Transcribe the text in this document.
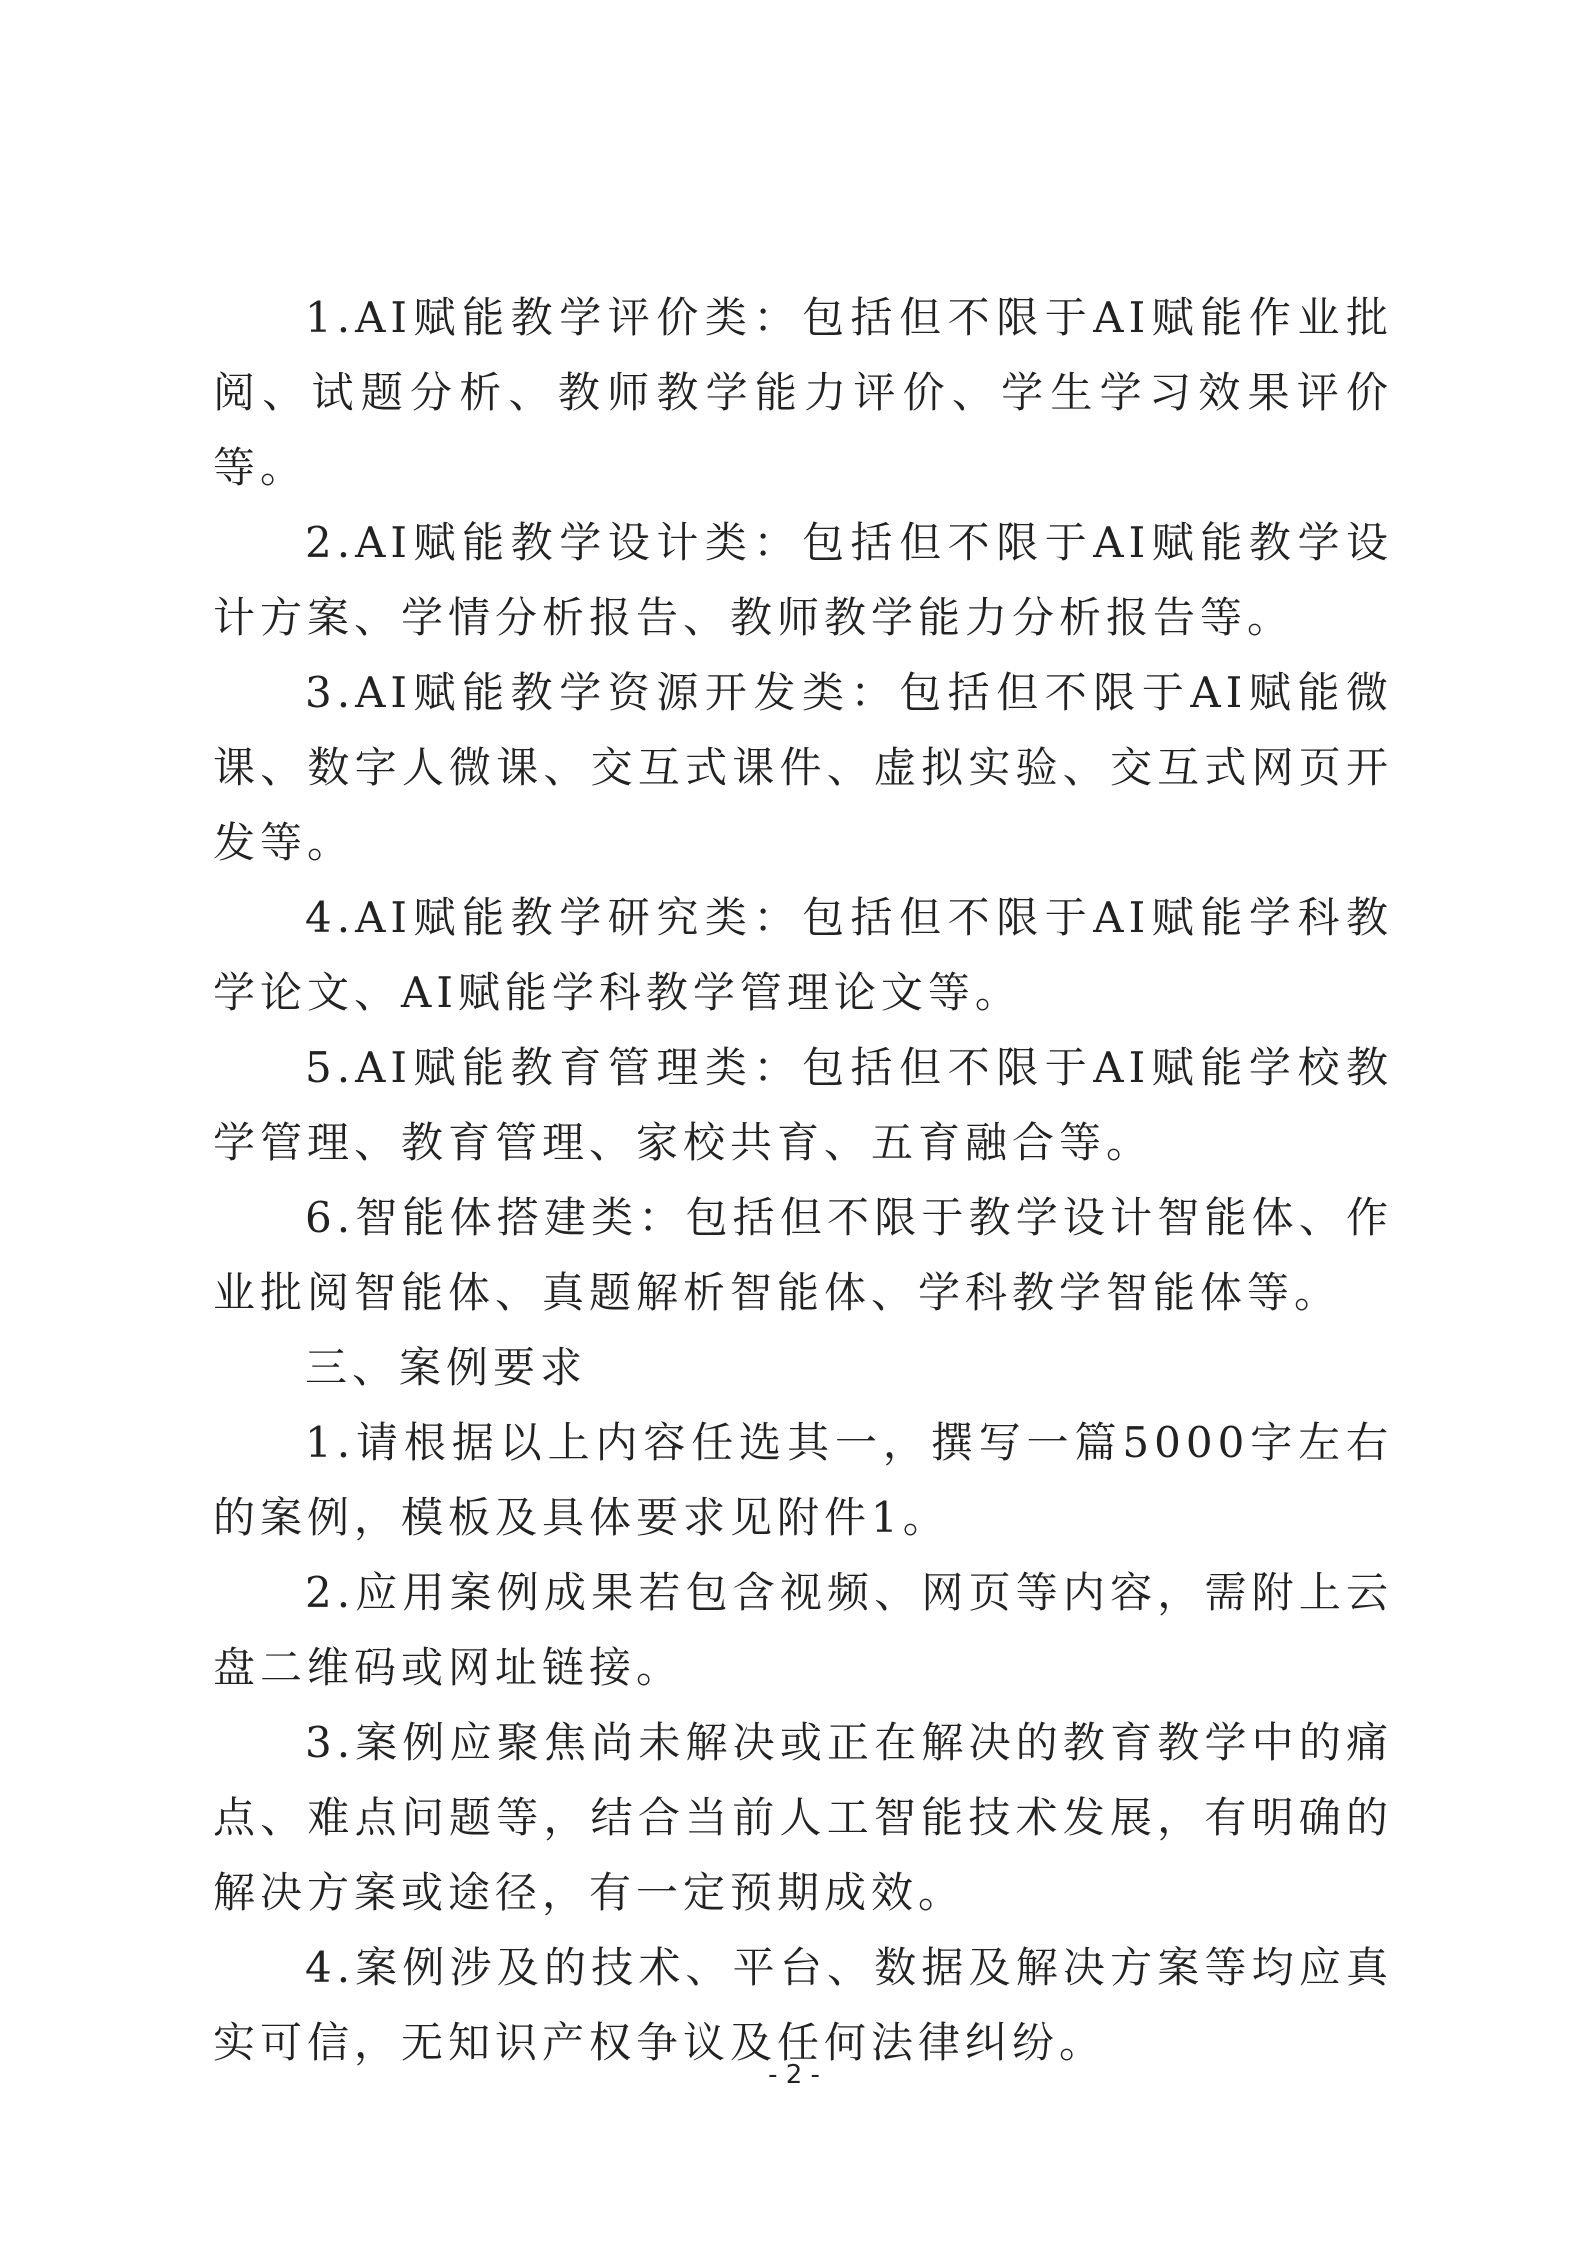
1.AI赋能教学评价类：包括但不限于AI赋能作业批阅、试题分析、教师教学能力评价、学生学习效果评价等。

2.AI赋能教学设计类：包括但不限于AI赋能教学设计方案、学情分析报告、教师教学能力分析报告等。

3.AI赋能教学资源开发类：包括但不限于AI赋能微课、数字人微课、交互式课件、虚拟实验、交互式网页开发等。

4.AI赋能教学研究类：包括但不限于AI赋能学科教学论文、AI赋能学科教学管理论文等。

5.AI赋能教育管理类：包括但不限于AI赋能学校教学管理、教育管理、家校共育、五育融合等。

6.智能体搭建类：包括但不限于教学设计智能体、作业批阅智能体、真题解析智能体、学科教学智能体等。

三、案例要求

1.请根据以上内容任选其一，撰写一篇5000字左右的案例，模板及具体要求见附件1。

2.应用案例成果若包含视频、网页等内容，需附上云盘二维码或网址链接。

3.案例应聚焦尚未解决或正在解决的教育教学中的痛点、难点问题等，结合当前人工智能技术发展，有明确的解决方案或途径，有一定预期成效。

4.案例涉及的技术、平台、数据及解决方案等均应真实可信，无知识产权争议及任何法律纠纷。

- 2 -
